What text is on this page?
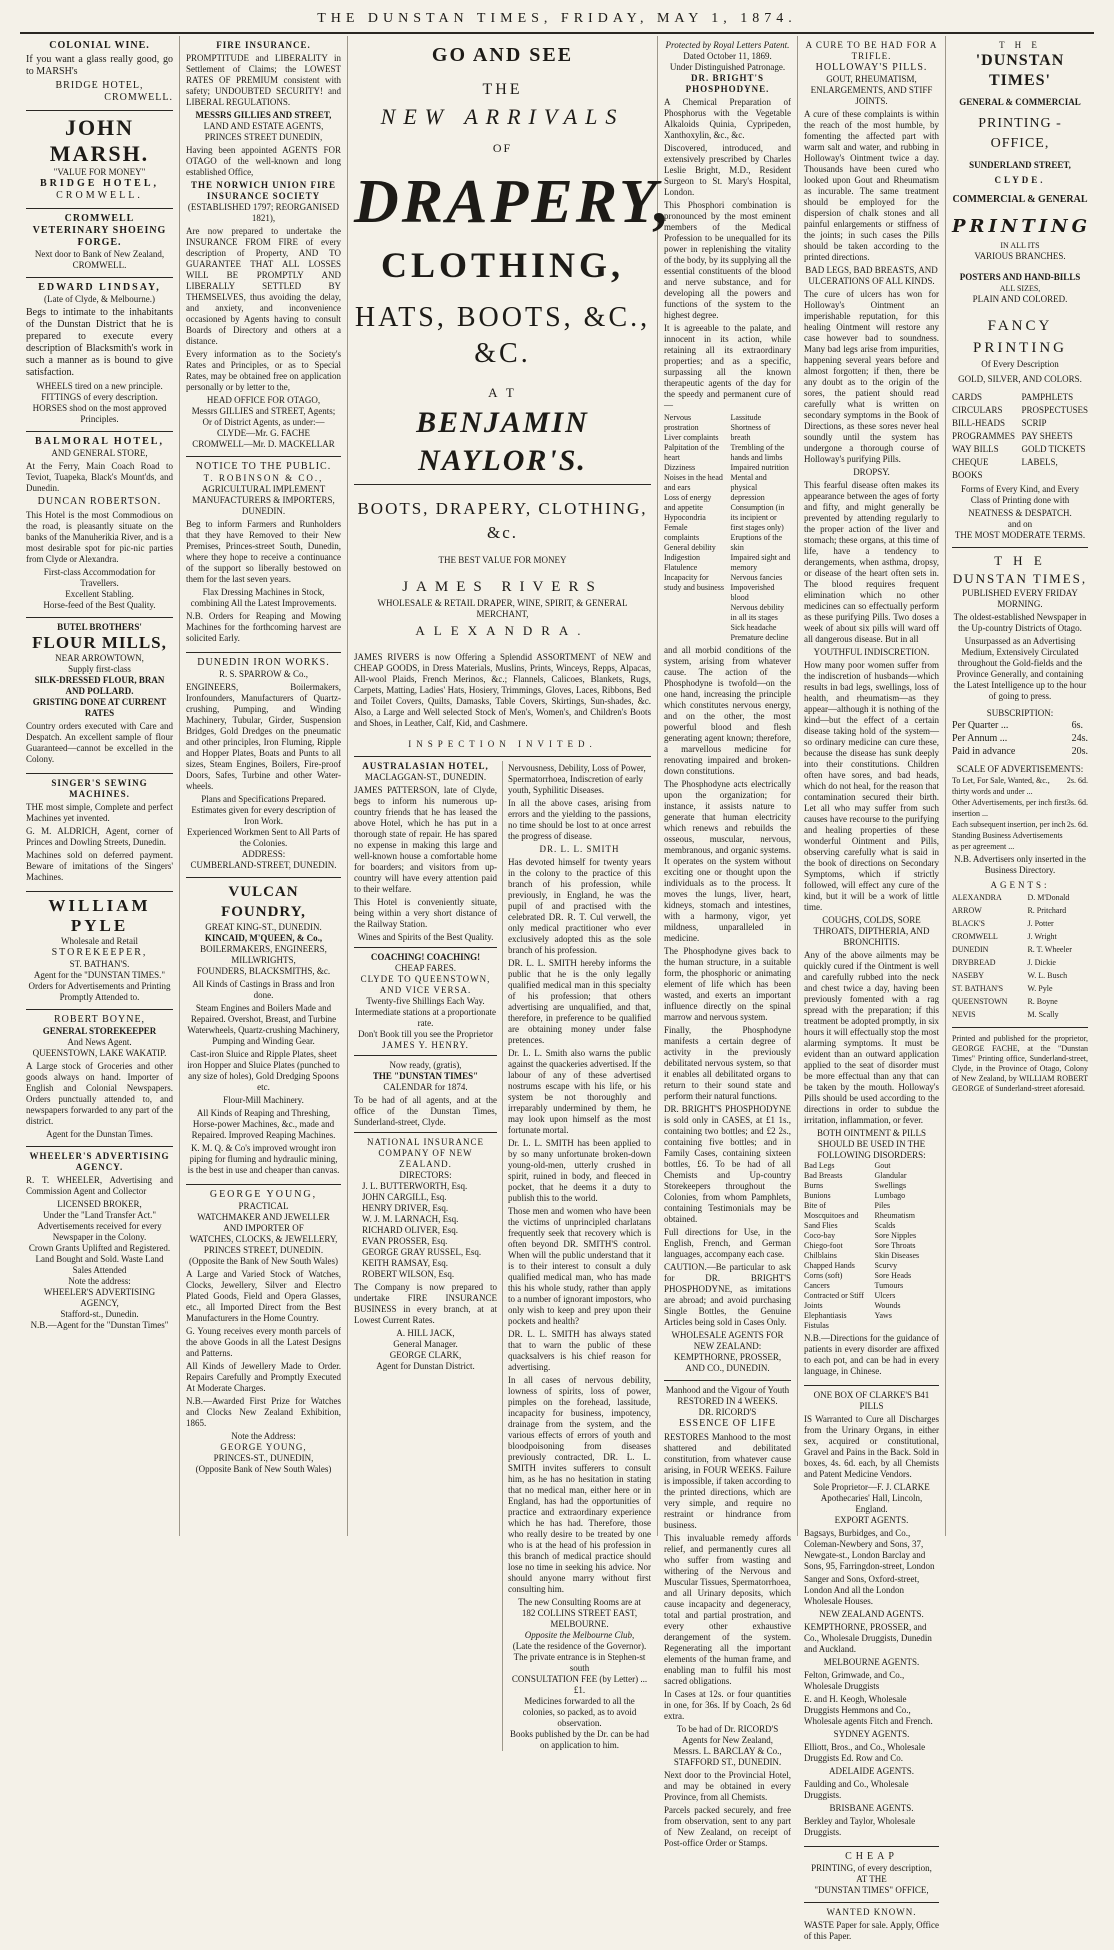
THE DUNSTAN TIMES, FRIDAY, MAY 1, 1874.
COLONIAL WINE.

If you want a glass really good, go to MARSH's

BRIDGE HOTEL,
CROMWELL.
JOHN MARSH.
"VALUE FOR MONEY"
BRIDGE HOTEL,
CROMWELL.
CROMWELL VETERINARY SHOEING FORGE.
Next door to Bank of New Zealand, CROMWELL.
EDWARD LINDSAY,
(Late of Clyde, & Melbourne.)

Begs to intimate to the inhabitants of the Dunstan District that he is prepared to execute every description of Blacksmith's work in such a manner as is bound to give satisfaction.

WHEELS tired on a new principle.
FITTINGS of every description.
HORSES shod on the most approved Principles.
BALMORAL HOTEL,
AND GENERAL STORE,

At the Ferry, Main Coach Road to Teviot, Tuapeka, Black's Mount'ds, and Dunedin.

DUNCAN ROBERTSON.

This Hotel is the most Commodious on the road, is pleasantly situate on the banks of the Manuherikia River, and is a most desirable spot for pic-nic parties from Clyde or Alexandra.

First-class Accommodation for Travellers.
Excellent Stabling.
Horse-feed of the Best Quality.
BUTEL BROTHERS'
FLOUR MILLS,
NEAR ARROWTOWN,
Supply first-class
SILK-DRESSED FLOUR, BRAN AND POLLARD.
GRISTING DONE AT CURRENT RATES

Country orders executed with Care and Despatch. An excellent sample of flour Guaranteed—cannot be excelled in the Colony.

SINGER'S SEWING MACHINES.

THE most simple, Complete and perfect Machines yet invented.

G. M. ALDRICH, Agent, corner of Princes and Dowling Streets, Dunedin.

Machines sold on deferred payment. Beware of imitations of the Singers' Machines.

WILLIAM PYLE
Wholesale and Retail
STOREKEEPER,
ST. BATHAN'S.
Agent for the "DUNSTAN TIMES."
Orders for Advertisements and Printing Promptly Attended to.
ROBERT BOYNE,
GENERAL STOREKEEPER
And News Agent.
QUEENSTOWN, LAKE WAKATIP.

A Large stock of Groceries and other goods always on hand. Importer of English and Colonial Newspapers. Orders punctually attended to, and newspapers forwarded to any part of the district.

Agent for the Dunstan Times.
WHEELER'S ADVERTISING AGENCY.

R. T. WHEELER, Advertising and Commission Agent and Collector

LICENSED BROKER,
Under the "Land Transfer Act."
Advertisements received for every Newspaper in the Colony.
Crown Grants Uplifted and Registered. Land Bought and Sold. Waste Land Sales Attended
Note the address:
WHEELER'S ADVERTISING AGENCY,
Stafford-st., Dunedin.
N.B.—Agent for the "Dunstan Times"
FIRE INSURANCE.

PROMPTITUDE and LIBERALITY in Settlement of Claims; the LOWEST RATES OF PREMIUM consistent with safety; UNDOUBTED SECURITY! and LIBERAL REGULATIONS.

MESSRS GILLIES AND STREET,
LAND AND ESTATE AGENTS, PRINCES STREET DUNEDIN,

Having been appointed AGENTS FOR OTAGO of the well-known and long established Office,

THE NORWICH UNION FIRE INSURANCE SOCIETY
(ESTABLISHED 1797; REORGANISED 1821),

Are now prepared to undertake the INSURANCE FROM FIRE of every description of Property, AND TO GUARANTEE THAT ALL LOSSES WILL BE PROMPTLY AND LIBERALLY SETTLED BY THEMSELVES, thus avoiding the delay, and anxiety, and inconvenience occasioned by Agents having to consult Boards of Directory and others at a distance.

Every information as to the Society's Rates and Principles, or as to Special Rates, may be obtained free on application personally or by letter to the,

HEAD OFFICE FOR OTAGO,
Messrs GILLIES and STREET, Agents; Or of District Agents, as under:—
CLYDE—Mr. G. FACHE
CROMWELL—Mr. D. MACKELLAR
NOTICE TO THE PUBLIC.
T. ROBINSON & CO.,
AGRICULTURAL IMPLEMENT MANUFACTURERS & IMPORTERS,
DUNEDIN.

Beg to inform Farmers and Runholders that they have Removed to their New Premises, Princes-street South, Dunedin, where they hope to receive a continuance of the support so liberally bestowed on them for the last seven years.

Flax Dressing Machines in Stock, combining All the Latest Improvements.

N.B. Orders for Reaping and Mowing Machines for the forthcoming harvest are solicited Early.

DUNEDIN IRON WORKS.
R. S. SPARROW & Co.,

ENGINEERS, Boilermakers, Ironfounders, Manufacturers of Quartz-crushing, Pumping, and Winding Machinery, Tubular, Girder, Suspension Bridges, Gold Dredges on the pneumatic and other principles, Iron Fluming, Ripple and Hopper Plates, Boats and Punts to all sizes, Steam Engines, Boilers, Fire-proof Doors, Safes, Turbine and other Water-wheels.

Plans and Specifications Prepared.
Estimates given for every description of Iron Work.
Experienced Workmen Sent to All Parts of the Colonies.
ADDRESS:
CUMBERLAND-STREET, DUNEDIN.
VULCAN FOUNDRY,
GREAT KING-ST., DUNEDIN.
KINCAID, M'QUEEN, & Co.,
BOILERMAKERS, ENGINEERS, MILLWRIGHTS,
FOUNDERS, BLACKSMITHS, &c.

All Kinds of Castings in Brass and Iron done.

Steam Engines and Boilers Made and Repaired. Overshot, Breast, and Turbine Waterwheels, Quartz-crushing Machinery, Pumping and Winding Gear.

Cast-iron Sluice and Ripple Plates, sheet iron Hopper and Sluice Plates (punched to any size of holes), Gold Dredging Spoons etc.

Flour-Mill Machinery.

All Kinds of Reaping and Threshing, Horse-power Machines, &c., made and Repaired. Improved Reaping Machines.

K. M. Q. & Co's improved wrought iron piping for fluming and hydraulic mining, is the best in use and cheaper than canvas.

GEORGE YOUNG,
PRACTICAL
WATCHMAKER AND JEWELLER
AND IMPORTER OF
WATCHES, CLOCKS, & JEWELLERY,
PRINCES STREET, DUNEDIN.
(Opposite the Bank of New South Wales)

A Large and Varied Stock of Watches, Clocks, Jewellery, Silver and Electro Plated Goods, Field and Opera Glasses, etc., all Imported Direct from the Best Manufacturers in the Home Country.

G. Young receives every month parcels of the above Goods in all the Latest Designs and Patterns.

All Kinds of Jewellery Made to Order. Repairs Carefully and Promptly Executed At Moderate Charges.

N.B.—Awarded First Prize for Watches and Clocks New Zealand Exhibition, 1865.

Note the Address:
GEORGE YOUNG,
PRINCES-ST., DUNEDIN,
(Opposite Bank of New South Wales)
GO AND SEE
THE
NEW ARRIVALS
OF
DRAPERY,
CLOTHING,
HATS, BOOTS, &C., &C.
A T
BENJAMIN NAYLOR'S.
BOOTS, DRAPERY, CLOTHING, &c.
THE BEST VALUE FOR MONEY
JAMES RIVERS
WHOLESALE & RETAIL DRAPER, WINE, SPIRIT, & GENERAL MERCHANT,
ALEXANDRA.

JAMES RIVERS is now Offering a Splendid ASSORTMENT of NEW and CHEAP GOODS, in Dress Materials, Muslins, Prints, Winceys, Repps, Alpacas, All-wool Plaids, French Merinos, &c.; Flannels, Calicoes, Blankets, Rugs, Carpets, Matting, Ladies' Hats, Hosiery, Trimmings, Gloves, Laces, Ribbons, Bed and Toilet Covers, Quilts, Damasks, Table Covers, Skirtings, Sun-shades, &c. Also, a Large and Well selected Stock of Men's, Women's, and Children's Boots and Shoes, in Leather, Calf, Kid, and Cashmere.

INSPECTION INVITED.
AUSTRALASIAN HOTEL,
MACLAGGAN-ST., DUNEDIN.

JAMES PATTERSON, late of Clyde, begs to inform his numerous up-country friends that he has leased the above Hotel, which he has put in a thorough state of repair. He has spared no expense in making this large and well-known house a comfortable home for boarders; and visitors from up-country will have every attention paid to their welfare.

This Hotel is conveniently situate, being within a very short distance of the Railway Station.

Wines and Spirits of the Best Quality.
COACHING! COACHING!
CHEAP FARES.
CLYDE TO QUEENSTOWN, AND VICE VERSA.
Twenty-five Shillings Each Way.
Intermediate stations at a proportionate rate.
Don't Book till you see the Proprietor
JAMES Y. HENRY.
Now ready, (gratis),
THE "DUNSTAN TIMES"
CALENDAR for 1874.

To be had of all agents, and at the office of the Dunstan Times, Sunderland-street, Clyde.

NATIONAL INSURANCE COMPANY OF NEW ZEALAND.
DIRECTORS:
J. L. BUTTERWORTH, Esq.
JOHN CARGILL, Esq.
HENRY DRIVER, Esq.
W. J. M. LARNACH, Esq.
RICHARD OLIVER, Esq.
EVAN PROSSER, Esq.
GEORGE GRAY RUSSEL, Esq.
KEITH RAMSAY, Esq.
ROBERT WILSON, Esq.

The Company is now prepared to undertake FIRE INSURANCE BUSINESS in every branch, at at Lowest Current Rates.

A. HILL JACK,
General Manager.
GEORGE CLARK,
Agent for Dunstan District.

Nervousness, Debility, Loss of Power, Spermatorrhoea, Indiscretion of early youth, Syphilitic Diseases.

In all the above cases, arising from errors and the yielding to the passions, no time should be lost to at once arrest the progress of disease.

DR. L. L. SMITH

Has devoted himself for twenty years in the colony to the practice of this branch of his profession, while previously, in England, he was the pupil of and practised with the celebrated DR. R. T. Cul verwell, the only medical practitioner who ever exclusively adopted this as the sole branch of his profession.

DR. L. L. SMITH hereby informs the public that he is the only legally qualified medical man in this specialty of his profession; that others advertising are unqualified, and that, therefore, in preference to be qualified are obtaining money under false pretences.

Dr. L. L. Smith also warns the public against the quackeries advertised. If the labour of any of these advertised nostrums escape with his life, or his system be not thoroughly and irreparably undermined by them, he may look upon himself as the most fortunate mortal.

Dr. L. L. SMITH has been applied to by so many unfortunate broken-down young-old-men, utterly crushed in spirit, ruined in body, and fleeced in pocket, that he deems it a duty to publish this to the world.

Those men and women who have been the victims of unprincipled charlatans frequently seek that recovery which is often beyond DR. SMITH'S control. When will the public understand that it is to their interest to consult a duly qualified medical man, who has made this his whole study, rather than apply to a number of ignorant impostors, who only wish to keep and prey upon their pockets and health?

DR. L. L. SMITH has always stated that to warn the public of these quacksalvers is his chief reason for advertising.

In all cases of nervous debility, lowness of spirits, loss of power, pimples on the forehead, lassitude, incapacity for business, impotency, drainage from the system, and the various effects of errors of youth and bloodpoisoning from diseases previously contracted, DR. L. L. SMITH invites sufferers to consult him, as he has no hesitation in stating that no medical man, either here or in England, has had the opportunities of practice and extraordinary experience which he has had. Therefore, those who really desire to be treated by one who is at the head of his profession in this branch of medical practice should lose no time in seeking his advice. Nor should anyone marry without first consulting him.

The new Consulting Rooms are at
182 COLLINS STREET EAST, MELBOURNE.
Opposite the Melbourne Club,
(Late the residence of the Governor). The private entrance is in Stephen-st south
CONSULTATION FEE (by Letter) ... £1.
Medicines forwarded to all the colonies, so packed, as to avoid observation.
Books published by the Dr. can be had on application to him.
Protected by Royal Letters Patent.
Dated October 11, 1869.
Under Distinguished Patronage.
DR. BRIGHT'S PHOSPHODYNE.

A Chemical Preparation of Phosphorus with the Vegetable Alkaloids Quinia, Cypripeden, Xanthoxylin, &c., &c.

Discovered, introduced, and extensively prescribed by Charles Leslie Bright, M.D., Resident Surgeon to St. Mary's Hospital, London.

This Phosphori combination is pronounced by the most eminent members of the Medical Profession to be unequalled for its power in replenishing the vitality of the body, by its supplying all the essential constituents of the blood and nerve substance, and for developing all the powers and functions of the system to the highest degree.

It is agreeable to the palate, and innocent in its action, while retaining all its extraordinary properties; and as a specific, surpassing all the known therapeutic agents of the day for the speedy and permanent cure of—

Nervous prostration
Liver complaints
Palpitation of the heart
Dizziness
Noises in the head and ears
Loss of energy and appetite
Hypocondria
Female complaints
General debility
Indigestion
Flatulence
Incapacity for study and business
Lassitude
Shortness of breath
Trembling of the hands and limbs
Impaired nutrition
Mental and physical depression
Consumption (in its incipient or first stages only)
Eruptions of the skin
Impaired sight and memory
Nervous fancies
Impoverished blood
Nervous debility in all its stages
Sick headache
Premature decline

and all morbid conditions of the system, arising from whatever cause. The action of the Phosphodyne is twofold—on the one hand, increasing the principle which constitutes nervous energy, and on the other, the most powerful blood and flesh generating agent known; therefore, a marvellous medicine for renovating impaired and broken-down constitutions.

The Phosphodyne acts electrically upon the organization; for instance, it assists nature to generate that human electricity which renews and rebuilds the osseous, muscular, nervous, membranous, and organic systems. It operates on the system without exciting one or thought upon the individuals as to the process. It moves the lungs, liver, heart, kidneys, stomach and intestines, with a harmony, vigor, yet mildness, unparalleled in medicine.

The Phosphodyne gives back to the human structure, in a suitable form, the phosphoric or animating element of life which has been wasted, and exerts an important influence directly on the spinal marrow and nervous system.

Finally, the Phosphodyne manifests a certain degree of activity in the previously debilitated nervous system, so that it enables all debilitated organs to return to their sound state and perform their natural functions.

DR. BRIGHT'S PHOSPHODYNE is sold only in CASES, at £1 1s., containing two bottles; and £2 2s., containing five bottles; and in Family Cases, containing sixteen bottles, £6. To be had of all Chemists and Up-country Storekeepers throughout the Colonies, from whom Pamphlets, containing Testimonials may be obtained.

Full directions for Use, in the English, French, and German languages, accompany each case.

CAUTION.—Be particular to ask for DR. BRIGHT'S PHOSPHODYNE, as imitations are abroad; and avoid purchasing Single Bottles, the Genuine Articles being sold in Cases Only.

WHOLESALE AGENTS FOR NEW ZEALAND:
KEMPTHORNE, PROSSER, AND CO., DUNEDIN.
Manhood and the Vigour of Youth
RESTORED IN 4 WEEKS.
DR. RICORD'S
ESSENCE OF LIFE

RESTORES Manhood to the most shattered and debilitated constitution, from whatever cause arising, in FOUR WEEKS. Failure is impossible, if taken according to the printed directions, which are very simple, and require no restraint or hindrance from business.

This invaluable remedy affords relief, and permanently cures all who suffer from wasting and withering of the Nervous and Muscular Tissues, Spermatorrhoea, and all Urinary deposits, which cause incapacity and degeneracy, total and partial prostration, and every other exhaustive derangement of the system. Regenerating all the important elements of the human frame, and enabling man to fulfil his most sacred obligations.

In Cases at 12s. or four quantities in one, for 36s. If by Coach, 2s 6d extra.

To be had of Dr. RICORD'S Agents for New Zealand,
Messrs. L. BARCLAY & Co.,
STAFFORD ST., DUNEDIN.

Next door to the Provincial Hotel, and may be obtained in every Province, from all Chemists.

Parcels packed securely, and free from observation, sent to any part of New Zealand, on receipt of Post-office Order or Stamps.

A CURE TO BE HAD FOR A TRIFLE.
HOLLOWAY'S PILLS.
GOUT, RHEUMATISM, ENLARGEMENTS, AND STIFF JOINTS.

A cure of these complaints is within the reach of the most humble, by fomenting the affected part with warm salt and water, and rubbing in Holloway's Ointment twice a day. Thousands have been cured who looked upon Gout and Rheumatism as incurable. The same treatment should be employed for the dispersion of chalk stones and all painful enlargements or stiffness of the joints; in such cases the Pills should be taken according to the printed directions.

BAD LEGS, BAD BREASTS, AND ULCERATIONS OF ALL KINDS.

The cure of ulcers has won for Holloway's Ointment an imperishable reputation, for this healing Ointment will restore any case however bad to soundness. Many bad legs arise from impurities, happening several years before and almost forgotten; if then, there be any doubt as to the origin of the sores, the patient should read carefully what is written on secondary symptoms in the Book of Directions, as these sores never heal soundly until the system has undergone a thorough course of Holloway's purifying Pills.

DROPSY.

This fearful disease often makes its appearance between the ages of forty and fifty, and might generally be prevented by attending regularly to the proper action of the liver and stomach; these organs, at this time of life, have a tendency to derangements, when asthma, dropsy, or disease of the heart often sets in. The blood requires frequent elimination which no other medicines can so effectually perform as these purifying Pills. Two doses a week of about six pills will ward off all dangerous disease. But in all

YOUTHFUL INDISCRETION.

How many poor women suffer from the indiscretion of husbands—which results in bad legs, swellings, loss of health, and rheumatism—as they appear—although it is nothing of the kind—but the effect of a certain disease taking hold of the system—so ordinary medicine can cure these, because the disease has sunk deeply into their constitutions. Children often have sores, and bad heads, which do not heal, for the reason that contamination secured their birth. Let all who may suffer from such causes have recourse to the purifying and healing properties of these wonderful Ointment and Pills, observing carefully what is said in the book of directions on Secondary Symptoms, which if strictly followed, will effect any cure of the kind, but it will be a work of little time.

COUGHS, COLDS, SORE THROATS, DIPTHERIA, AND BRONCHITIS.

Any of the above ailments may be quickly cured if the Ointment is well and carefully rubbed into the neck and chest twice a day, having been previously fomented with a rag spread with the preparation; if this treatment be adopted promptly, in six hours it will effectually stop the most alarming symptoms. It must be evident than an outward application applied to the seat of disorder must be more effectual than any that can be taken by the mouth. Holloway's Pills should be used according to the directions in order to subdue the irritation, inflammation, or fever.

BOTH OINTMENT & PILLS SHOULD BE USED IN THE FOLLOWING DISORDERS:
Bad Legs
Bad Breasts
Burns
Bunions
Bite of Moscquitoes and Sand Flies
Coco-bay
Chiego-foot
Chilblains
Chapped Hands
Corns (soft)
Cancers
Contracted or Stiff Joints
Elephantiasis
Fistulas
Gout
Glandular Swellings
Lumbago
Piles
Rheumatism
Scalds
Sore Nipples
Sore Throats
Skin Diseases
Scurvy
Sore Heads
Tumours
Ulcers
Wounds
Yaws

N.B.—Directions for the guidance of patients in every disorder are affixed to each pot, and can be had in every language, in Chinese.

ONE BOX OF CLARKE'S B41 PILLS

IS Warranted to Cure all Discharges from the Urinary Organs, in either sex, acquired or constitutional, Gravel and Pains in the Back. Sold in boxes, 4s. 6d. each, by all Chemists and Patent Medicine Vendors.

Sole Proprietor—F. J. CLARKE
Apothecaries' Hall, Lincoln, England.
EXPORT AGENTS.

Bagsays, Burbidges, and Co., Coleman-Newbery and Sons, 37, Newgate-st., London Barclay and Sons, 95, Farringdon-street, London

Sanger and Sons, Oxford-street, London And all the London Wholesale Houses.

NEW ZEALAND AGENTS.

KEMPTHORNE, PROSSER, and Co., Wholesale Druggists, Dunedin and Auckland.

MELBOURNE AGENTS.

Felton, Grimwade, and Co., Wholesale Druggists

E. and H. Keogh, Wholesale Druggists Hemmons and Co., Wholesale agents Fitch and French.

SYDNEY AGENTS.

Elliott, Bros., and Co., Wholesale Druggists Ed. Row and Co.

ADELAIDE AGENTS.

Faulding and Co., Wholesale Druggists.

BRISBANE AGENTS.

Berkley and Taylor, Wholesale Druggists.

CHEAP
PRINTING, of every description,
AT THE
"DUNSTAN TIMES" OFFICE,
WANTED KNOWN.

WASTE Paper for sale. Apply, Office of this Paper.

T H E
'DUNSTAN TIMES'
GENERAL & COMMERCIAL
PRINTING - OFFICE,
SUNDERLAND STREET,
CLYDE.
COMMERCIAL & GENERAL
PRINTING
IN ALL ITS
VARIOUS BRANCHES.
POSTERS AND HAND-BILLS
ALL SIZES,
PLAIN AND COLORED.
FANCY PRINTING
Of Every Description
GOLD, SILVER, AND COLORS.
CARDS
CIRCULARS
BILL-HEADS
PROGRAMMES
WAY BILLS
CHEQUE BOOKS
PAMPHLETS
PROSPECTUSES
SCRIP
PAY SHEETS
GOLD TICKETS
LABELS,

Forms of Every Kind, and Every Class of Printing done with

NEATNESS & DESPATCH.
and on
THE MOST MODERATE TERMS.
T H E
DUNSTAN TIMES,
PUBLISHED EVERY FRIDAY MORNING.

The oldest-established Newspaper in the Up-country Districts of Otago.

Unsurpassed as an Advertising Medium, Extensively Circulated throughout the Gold-fields and the Province Generally, and containing the Latest Intelligence up to the hour of going to press.

SUBSCRIPTION:
Per Quarter ...	6s.
Per Annum ...	24s.
Paid in advance	20s.
SCALE OF ADVERTISEMENTS:
To Let, For Sale, Wanted, &c., thirty words and under ...
2s. 6d.
Other Advertisements, per inch first insertion ...
3s. 6d.
Each subsequent insertion, per inch 2s. 6d.
Standing Business Advertisements as per agreement ...

N.B. Advertisers only inserted in the Business Directory.

AGENTS:
ALEXANDRA	D. M'Donald
ARROW	R. Pritchard
BLACK'S	J. Potter
CROMWELL	J. Wright
DUNEDIN	R. T. Wheeler
DRYBREAD	J. Dickie
NASEBY	W. L. Busch
ST. BATHAN'S	W. Pyle
QUEENSTOWN	R. Boyne
NEVIS	M. Scally

Printed and published for the proprietor, GEORGE FACHE, at the "Dunstan Times" Printing office, Sunderland-street, Clyde, in the Province of Otago, Colony of New Zealand, by WILLIAM ROBERT GEORGE of Sunderland-street aforesaid.
